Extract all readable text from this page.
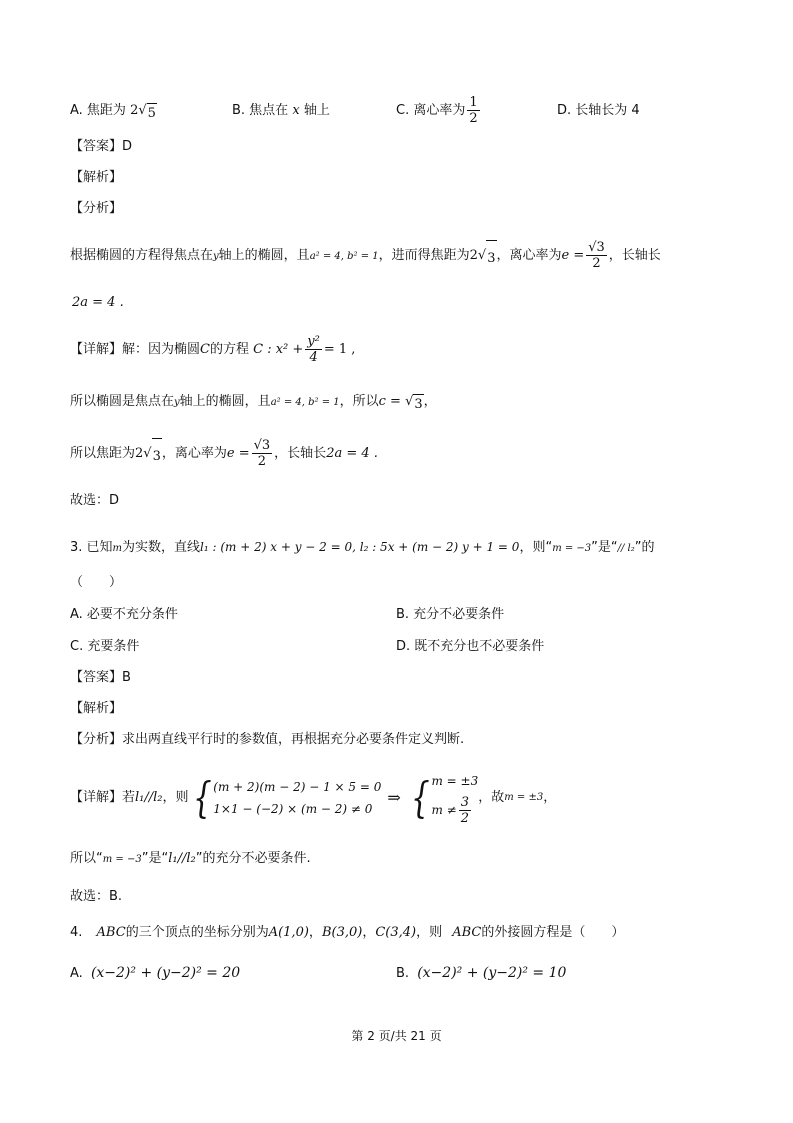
A. 焦距为 2 √ 5	B. 焦点在 x 轴上	C. 离心率为 $\frac{1}{2}$	D. 长轴长为 4
【答案】D
【解析】
【分析】
根据椭圆的方程得焦点在y轴上的椭圆，且a² = 4, b² = 1，进而得焦距为2 √ 3 ，离心率为$e = \frac{√3}{2}$ ，长轴长
2a = 4 .
【详解】解：因为椭圆C的方程 C : $x^2 + \frac{\text{y²}}{4} = 1$ ,
所以椭圆是焦点在y轴上的椭圆，且a² = 4, b² = 1，所以c = √ 3 ，
所以焦距为2 √ 3 ，离心率为$e = \frac{√3}{2}$ ，长轴长2a = 4 .
故选：D
3. 已知m为实数，直线l₁ : (m + 2) x + y − 2 = 0, l₂ : 5x + (m − 2) y + 1 = 0，则“m = −3”是“// l₂”的
（　　）
A. 必要不充分条件	B. 充分不必要条件
C. 充要条件	D. 既不充分也不必要条件
【答案】B
【解析】
【分析】求出两直线平行时的参数值，再根据充分必要条件定义判断.
【详解】若 l₁//l₂ ，则 { (m + 2)(m − 2) − 1 × 5 = 0
1×1 − (−2) × (m − 2) ≠ 0
⇒ { m = ±3
$m \ne \frac{3}{2}$ ，故 m = ±3 ，
所以“m = −3”是“l₁//l₂”的充分不必要条件.
故选：B.
4. ABC的三个顶点的坐标分别为A(1,0)，B(3,0)，C(3,4)，则 ABC的外接圆方程是（　　）
A. (x−2)² + (y−2)² = 20	B. (x−2)² + (y−2)² = 10
第 2 页/共 21 页
